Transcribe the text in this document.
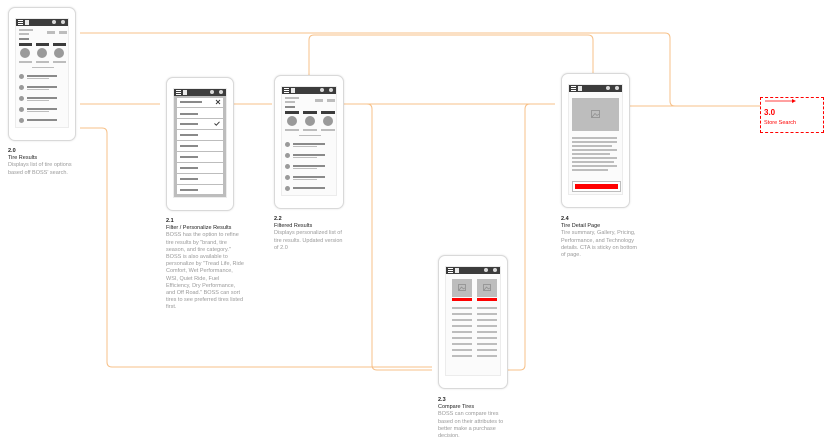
2.0
Tire Results
Displays list of tire options based off BOSS' search.
2.1
Filter / Personalize Results
BOSS has the option to refine tire results by "brand, tire season, and tire category." BOSS is also available to personalize by "Tread Life, Ride Comfort, Wet Performance, WSI, Quiet Ride, Fuel Efficiency, Dry Performance, and Off Road." BOSS can sort tires to see preferred tires listed first.
2.2
Filtered Results
Displays personalized list of tire results. Updated version of 2.0
2.3
Compare Tires
BOSS can compare tires based on their attributes to better make a purchase decision.
2.4
Tire Detail Page
Tire summary, Gallery, Pricing, Performance, and Technology details. CTA is sticky on bottom of page.
3.0
Store Search
